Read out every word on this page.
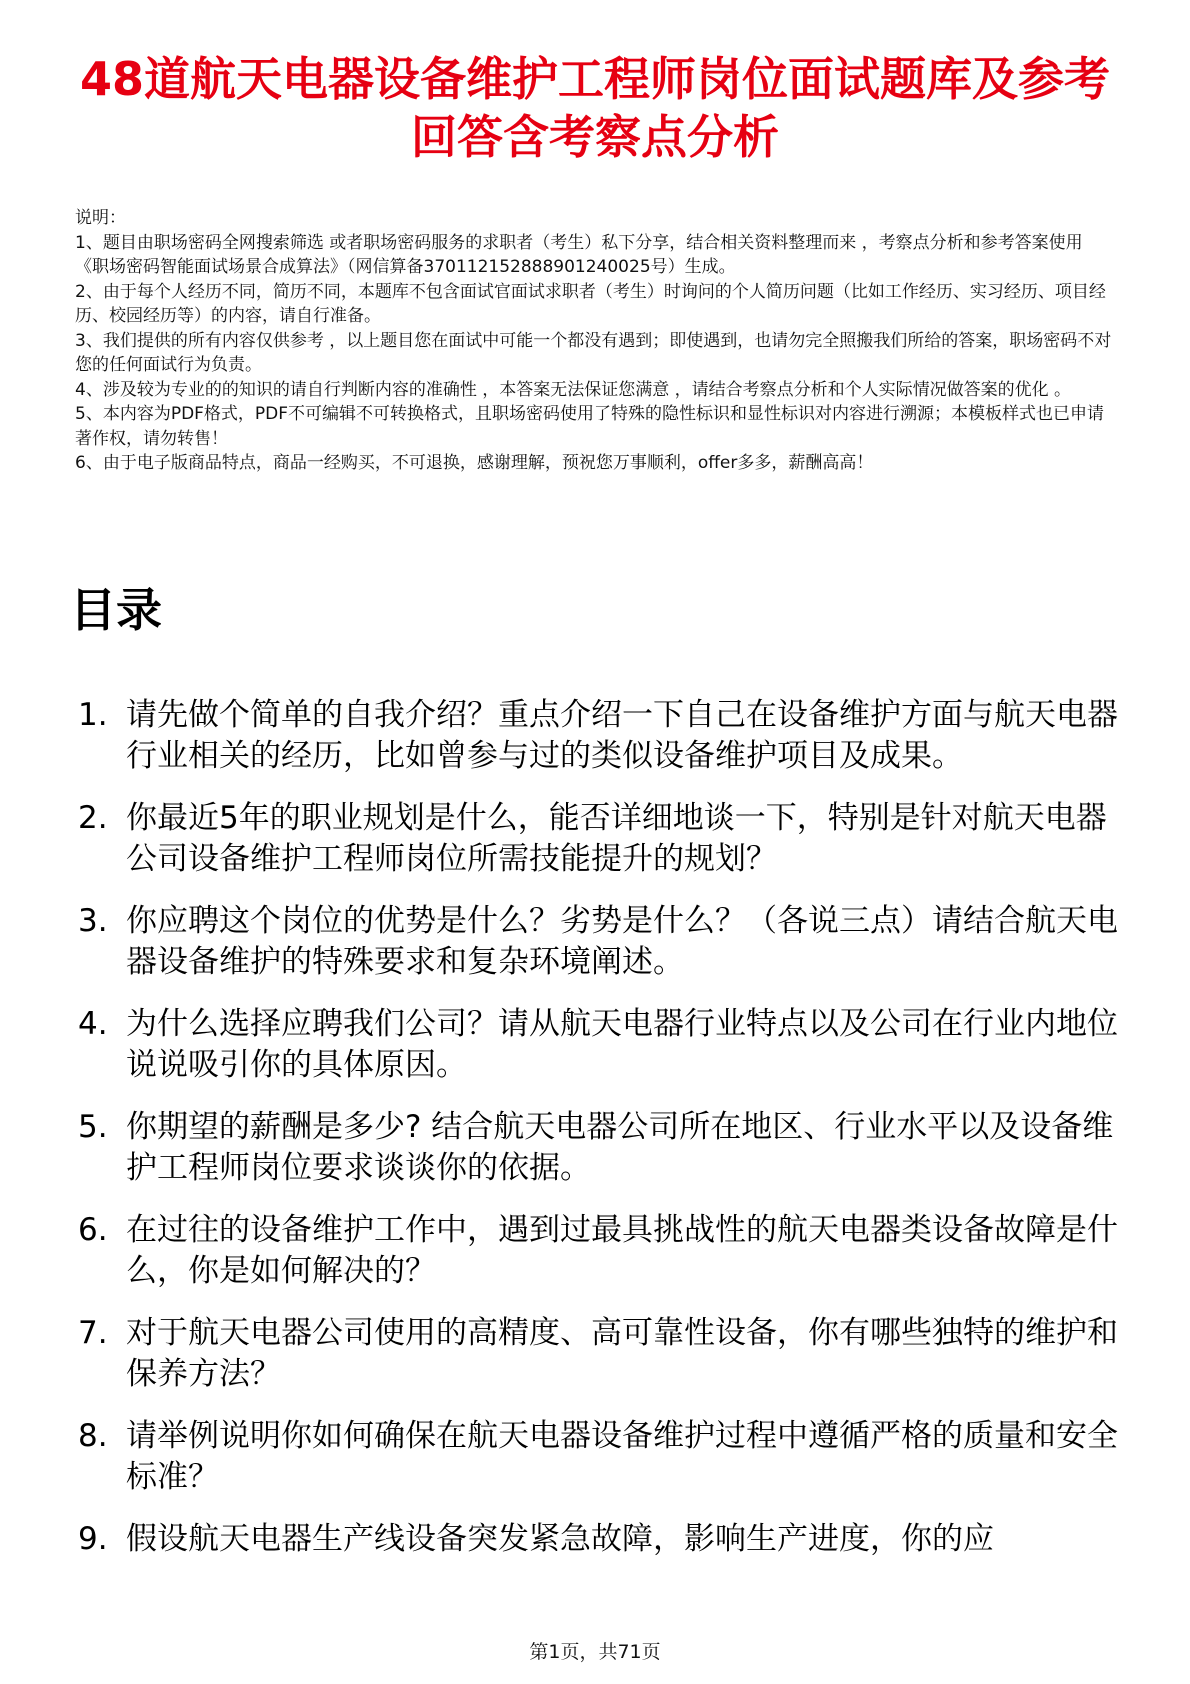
48道航天电器设备维护工程师岗位面试题库及参考回答含考察点分析

说明：

1、题目由职场密码全网搜索筛选 或者职场密码服务的求职者（考生）私下分享，结合相关资料整理而来 ，考察点分析和参考答案使用《职场密码智能面试场景合成算法》（网信算备370112152888901240025号）生成。

2、由于每个人经历不同，简历不同，本题库不包含面试官面试求职者（考生）时询问的个人简历问题（比如工作经历、实习经历、项目经历、校园经历等）的内容，请自行准备。

3、我们提供的所有内容仅供参考 ，以上题目您在面试中可能一个都没有遇到；即使遇到，也请勿完全照搬我们所给的答案，职场密码不对您的任何面试行为负责。

4、涉及较为专业的的知识的请自行判断内容的准确性 ，本答案无法保证您满意 ，请结合考察点分析和个人实际情况做答案的优化 。

5、本内容为PDF格式，PDF不可编辑不可转换格式，且职场密码使用了特殊的隐性标识和显性标识对内容进行溯源；本模板样式也已申请著作权，请勿转售！

6、由于电子版商品特点，商品一经购买，不可退换，感谢理解，预祝您万事顺利，offer多多，薪酬高高！

目录
1. 请先做个简单的自我介绍？重点介绍一下自己在设备维护方面与航天电器行业相关的经历，比如曾参与过的类似设备维护项目及成果。
2. 你最近5年的职业规划是什么，能否详细地谈一下，特别是针对航天电器公司设备维护工程师岗位所需技能提升的规划？
3. 你应聘这个岗位的优势是什么？劣势是什么？（各说三点）请结合航天电器设备维护的特殊要求和复杂环境阐述。
4. 为什么选择应聘我们公司？请从航天电器行业特点以及公司在行业内地位说说吸引你的具体原因。
5. 你期望的薪酬是多少? 结合航天电器公司所在地区、行业水平以及设备维护工程师岗位要求谈谈你的依据。
6. 在过往的设备维护工作中，遇到过最具挑战性的航天电器类设备故障是什么，你是如何解决的？
7. 对于航天电器公司使用的高精度、高可靠性设备，你有哪些独特的维护和保养方法？
8. 请举例说明你如何确保在航天电器设备维护过程中遵循严格的质量和安全标准？
9. 假设航天电器生产线设备突发紧急故障，影响生产进度，你的应
第1页，共71页
